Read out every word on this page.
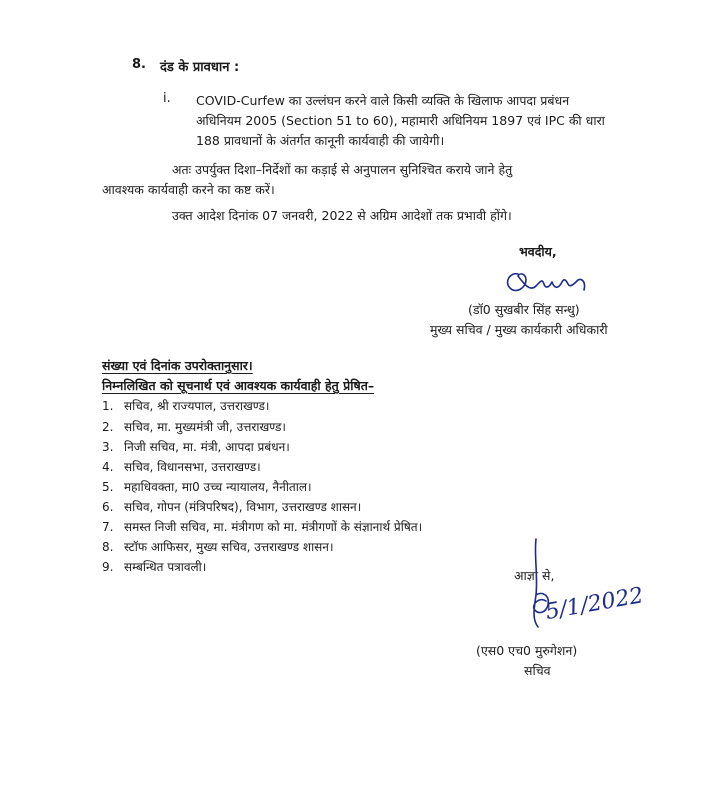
8. दंड के प्रावधान :
i. COVID-Curfew का उल्लंघन करने वाले किसी व्यक्ति के खिलाफ आपदा प्रबंधन
अधिनियम 2005 (Section 51 to 60), महामारी अधिनियम 1897 एवं IPC की धारा
188 प्रावधानों के अंतर्गत कानूनी कार्यवाही की जायेगी।
अतः उपर्युक्त दिशा–निर्देशों का कड़ाई से अनुपालन सुनिश्चित कराये जाने हेतु
आवश्यक कार्यवाही करने का कष्ट करें।
उक्त आदेश दिनांक 07 जनवरी, 2022 से अग्रिम आदेशों तक प्रभावी होंगे।
भवदीय,
(डॉ0 सुखबीर सिंह सन्धु)
मुख्य सचिव / मुख्य कार्यकारी अधिकारी
संख्या एवं दिनांक उपरोक्तानुसार।
निम्नलिखित को सूचनार्थ एवं आवश्यक कार्यवाही हेतु प्रेषित–
1. सचिव, श्री राज्यपाल, उत्तराखण्ड।
2. सचिव, मा. मुख्यमंत्री जी, उत्तराखण्ड।
3. निजी सचिव, मा. मंत्री, आपदा प्रबंधन।
4. सचिव, विधानसभा, उत्तराखण्ड।
5. महाधिवक्ता, मा0 उच्च न्यायालय, नैनीताल।
6. सचिव, गोपन (मंत्रिपरिषद), विभाग, उत्तराखण्ड शासन।
7. समस्त निजी सचिव, मा. मंत्रीगण को मा. मंत्रीगणों के संज्ञानार्थ प्रेषित।
8. स्टॉफ आफिसर, मुख्य सचिव, उत्तराखण्ड शासन।
9. सम्बन्धित पत्रावली।
आज्ञा से,
5/1/2022
(एस0 एच0 मुरुगेशन)
सचिव
